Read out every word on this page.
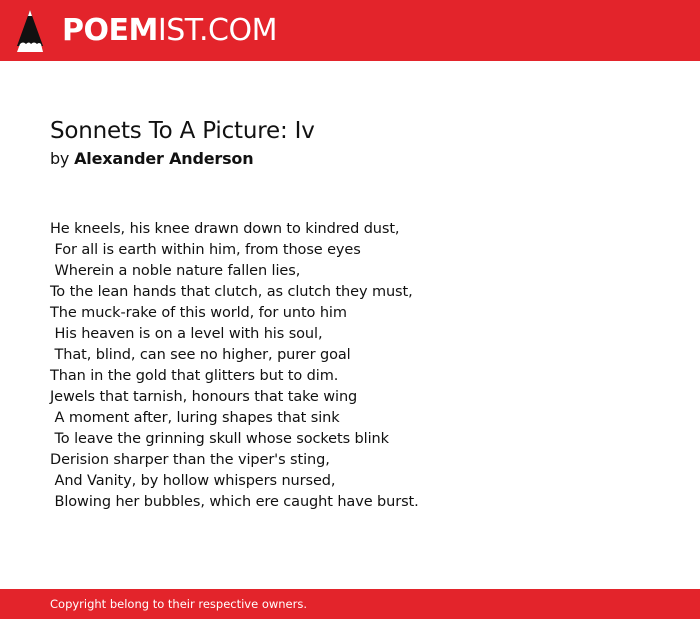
POEMIST.COM
Sonnets To A Picture: Iv
by Alexander Anderson
He kneels, his knee drawn down to kindred dust,
For all is earth within him, from those eyes
Wherein a noble nature fallen lies,
To the lean hands that clutch, as clutch they must,
The muck-rake of this world, for unto him
His heaven is on a level with his soul,
That, blind, can see no higher, purer goal
Than in the gold that glitters but to dim.
Jewels that tarnish, honours that take wing
A moment after, luring shapes that sink
To leave the grinning skull whose sockets blink
Derision sharper than the viper's sting,
And Vanity, by hollow whispers nursed,
Blowing her bubbles, which ere caught have burst.
Copyright belong to their respective owners.
